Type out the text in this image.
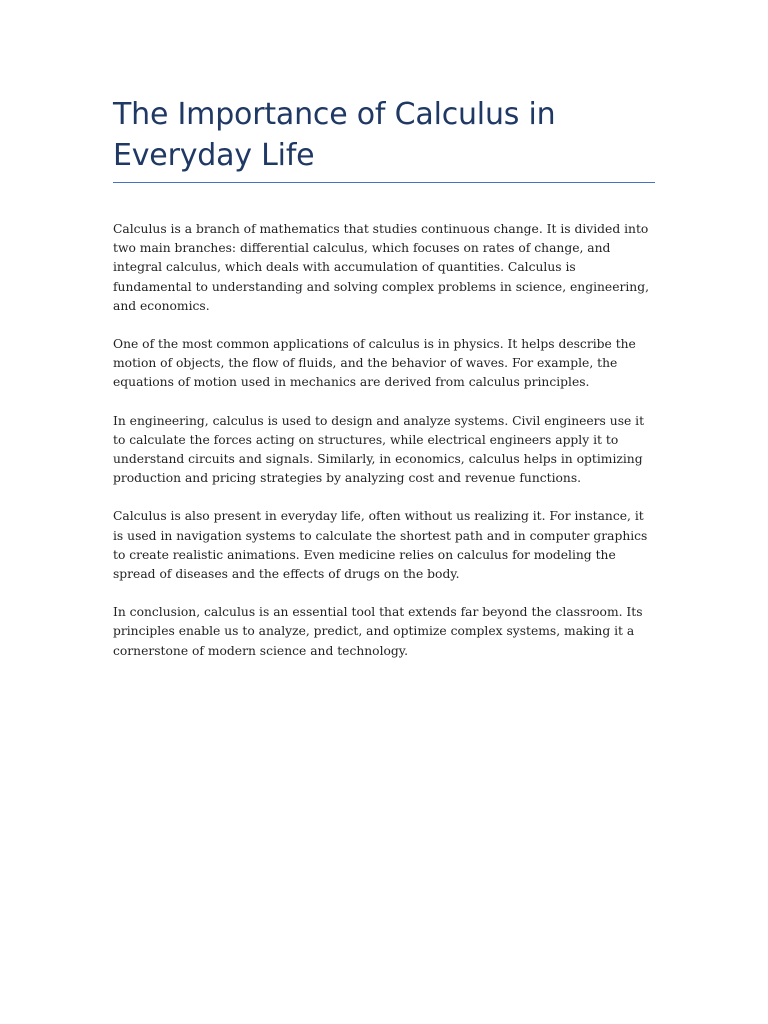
The Importance of Calculus in Everyday Life

Calculus is a branch of mathematics that studies continuous change. It is divided into two main branches: differential calculus, which focuses on rates of change, and integral calculus, which deals with accumulation of quantities. Calculus is fundamental to understanding and solving complex problems in science, engineering, and economics.

One of the most common applications of calculus is in physics. It helps describe the motion of objects, the flow of fluids, and the behavior of waves. For example, the equations of motion used in mechanics are derived from calculus principles.

In engineering, calculus is used to design and analyze systems. Civil engineers use it to calculate the forces acting on structures, while electrical engineers apply it to understand circuits and signals. Similarly, in economics, calculus helps in optimizing production and pricing strategies by analyzing cost and revenue functions.

Calculus is also present in everyday life, often without us realizing it. For instance, it is used in navigation systems to calculate the shortest path and in computer graphics to create realistic animations. Even medicine relies on calculus for modeling the spread of diseases and the effects of drugs on the body.

In conclusion, calculus is an essential tool that extends far beyond the classroom. Its principles enable us to analyze, predict, and optimize complex systems, making it a cornerstone of modern science and technology.
